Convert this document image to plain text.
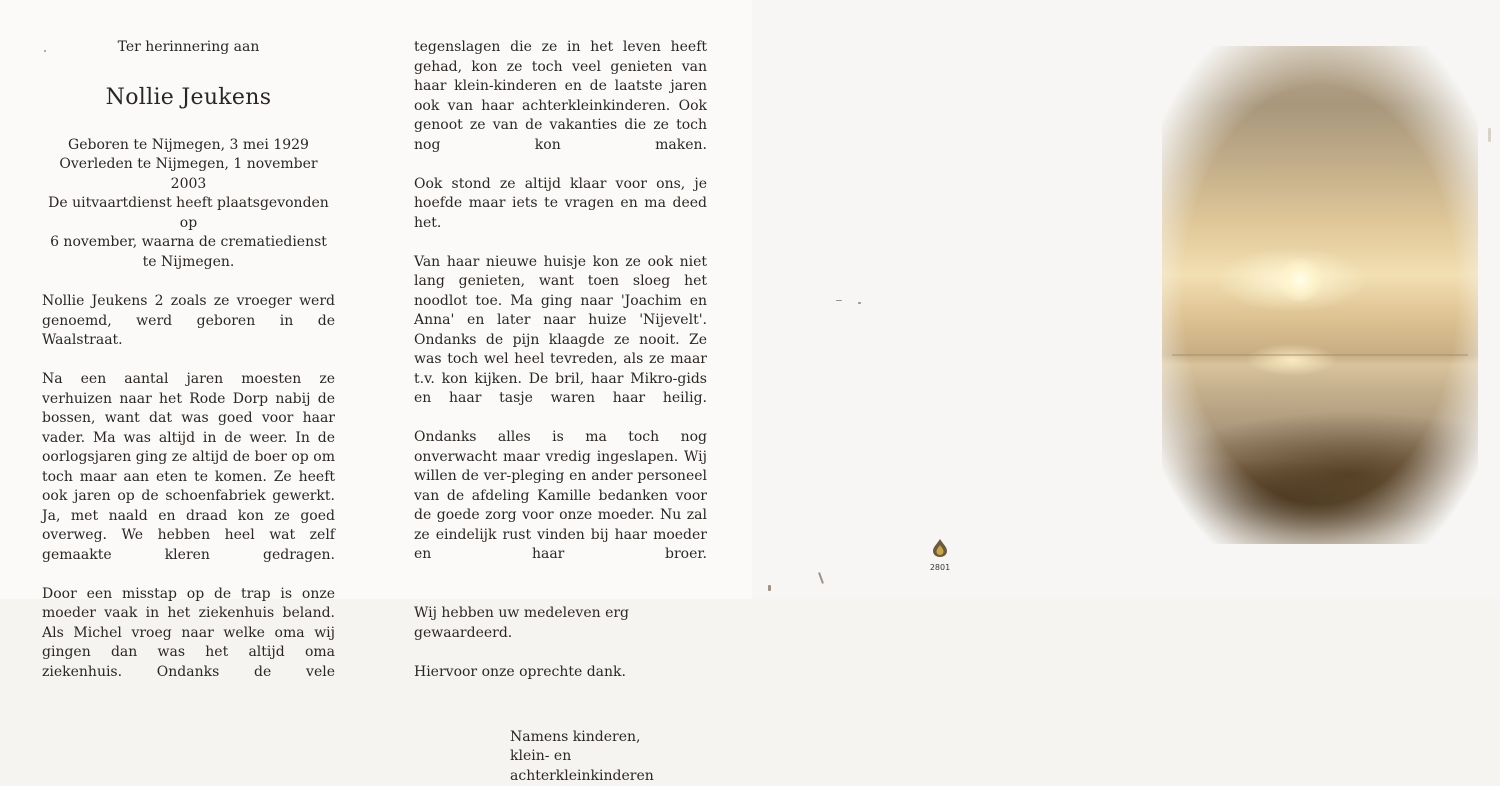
Ter herinnering aan
Nollie Jeukens

Geboren te Nijmegen, 3 mei 1929

Overleden te Nijmegen, 1 november 2003

De uitvaartdienst heeft plaatsgevonden op

6 november, waarna de crematiedienst

te Nijmegen.

Nollie Jeukens 2 zoals ze vroeger werd genoemd, werd geboren in de Waalstraat.

Na een aantal jaren moesten ze verhuizen naar het Rode Dorp nabij de bossen, want dat was goed voor haar vader. Ma was altijd in de weer. In de oorlogsjaren ging ze altijd de boer op om toch maar aan eten te komen. Ze heeft ook jaren op de schoenfabriek gewerkt. Ja, met naald en draad kon ze goed overweg. We hebben heel wat zelf gemaakte kleren gedragen.

Door een misstap op de trap is onze moeder vaak in het ziekenhuis beland. Als Michel vroeg naar welke oma wij gingen dan was het altijd oma ziekenhuis. Ondanks de vele

tegenslagen die ze in het leven heeft gehad, kon ze toch veel genieten van haar klein-kinderen en de laatste jaren ook van haar achterkleinkinderen. Ook genoot ze van de vakanties die ze toch nog kon maken.

Ook stond ze altijd klaar voor ons, je hoefde maar iets te vragen en ma deed het.

Van haar nieuwe huisje kon ze ook niet lang genieten, want toen sloeg het noodlot toe. Ma ging naar 'Joachim en Anna' en later naar huize 'Nijevelt'. Ondanks de pijn klaagde ze nooit. Ze was toch wel heel tevreden, als ze maar t.v. kon kijken. De bril, haar Mikro-gids en haar tasje waren haar heilig.

Ondanks alles is ma toch nog onverwacht maar vredig ingeslapen. Wij willen de ver-pleging en ander personeel van de afdeling Kamille bedanken voor de goede zorg voor onze moeder. Nu zal ze eindelijk rust vinden bij haar moeder en haar broer.

Wij hebben uw medeleven erg gewaardeerd.

Hiervoor onze oprechte dank.

Namens kinderen,

klein- en achterkleinkinderen

2801
